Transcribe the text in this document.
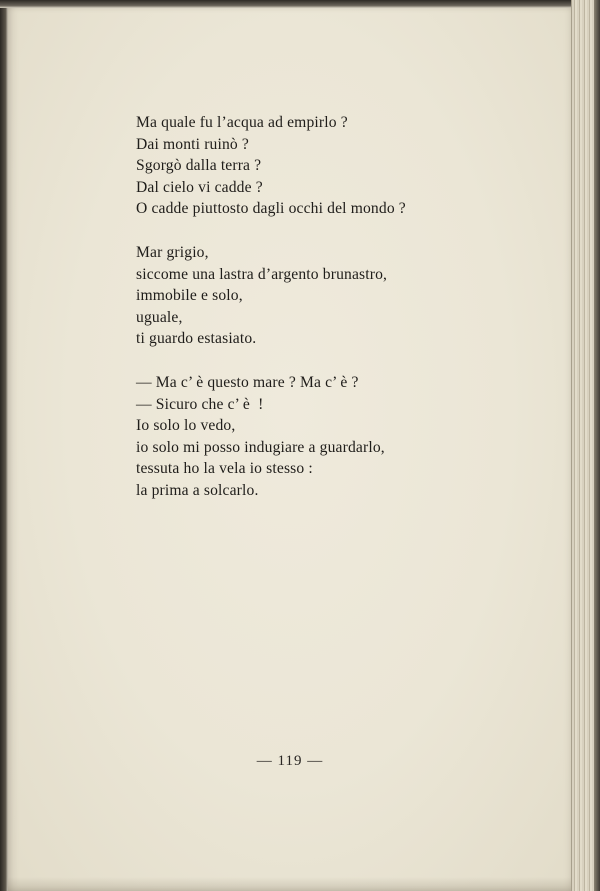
Ma quale fu l’acqua ad empirlo ?
Dai monti ruinò ?
Sgorgò dalla terra ?
Dal cielo vi cadde ?
O cadde piuttosto dagli occhi del mondo ?
Mar grigio,
siccome una lastra d’argento brunastro,
immobile e solo,
uguale,
ti guardo estasiato.
— Ma c’ è questo mare ? Ma c’ è ?
— Sicuro che c’ è  !
Io solo lo vedo,
io solo mi posso indugiare a guardarlo,
tessuta ho la vela io stesso :
la prima a solcarlo.
— 119 —
